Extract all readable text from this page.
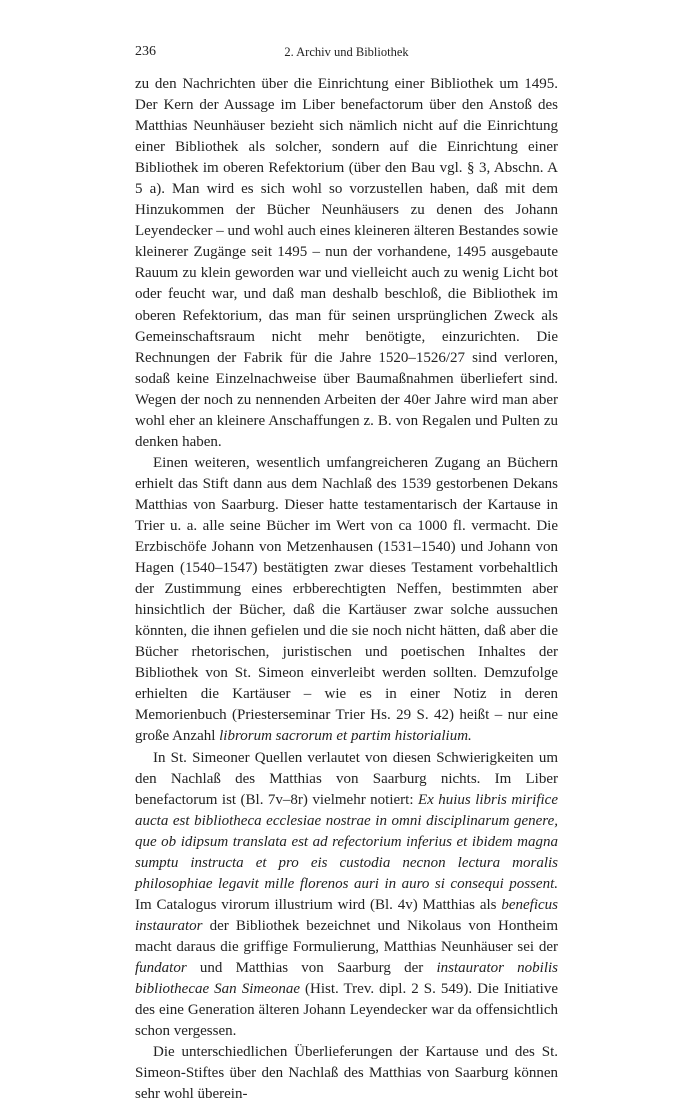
236	2. Archiv und Bibliothek

zu den Nachrichten über die Einrichtung einer Bibliothek um 1495. Der Kern der Aussage im Liber benefactorum über den Anstoß des Matthias Neunhäuser bezieht sich nämlich nicht auf die Einrichtung einer Bibliothek als solcher, sondern auf die Einrichtung einer Bibliothek im oberen Refektorium (über den Bau vgl. § 3, Abschn. A 5 a). Man wird es sich wohl so vorzustellen haben, daß mit dem Hinzukommen der Bücher Neunhäusers zu denen des Johann Leyendecker – und wohl auch eines kleineren älteren Bestandes sowie kleinerer Zugänge seit 1495 – nun der vorhandene, 1495 ausgebaute Rauum zu klein geworden war und vielleicht auch zu wenig Licht bot oder feucht war, und daß man deshalb beschloß, die Bibliothek im oberen Refektorium, das man für seinen ursprünglichen Zweck als Gemeinschaftsraum nicht mehr benötigte, einzurichten. Die Rechnungen der Fabrik für die Jahre 1520–1526/27 sind verloren, sodaß keine Einzelnachweise über Baumaßnahmen überliefert sind. Wegen der noch zu nennenden Arbeiten der 40er Jahre wird man aber wohl eher an kleinere Anschaffungen z. B. von Regalen und Pulten zu denken haben.

Einen weiteren, wesentlich umfangreicheren Zugang an Büchern erhielt das Stift dann aus dem Nachlaß des 1539 gestorbenen Dekans Matthias von Saarburg. Dieser hatte testamentarisch der Kartause in Trier u. a. alle seine Bücher im Wert von ca 1000 fl. vermacht. Die Erzbischöfe Johann von Metzenhausen (1531–1540) und Johann von Hagen (1540–1547) bestätigten zwar dieses Testament vorbehaltlich der Zustimmung eines erbberechtigten Neffen, bestimmten aber hinsichtlich der Bücher, daß die Kartäuser zwar solche aussuchen könnten, die ihnen gefielen und die sie noch nicht hätten, daß aber die Bücher rhetorischen, juristischen und poetischen Inhaltes der Bibliothek von St. Simeon einverleibt werden sollten. Demzufolge erhielten die Kartäuser – wie es in einer Notiz in deren Memorienbuch (Priesterseminar Trier Hs. 29 S. 42) heißt – nur eine große Anzahl librorum sacrorum et partim historialium.

In St. Simeoner Quellen verlautet von diesen Schwierigkeiten um den Nachlaß des Matthias von Saarburg nichts. Im Liber benefactorum ist (Bl. 7v–8r) vielmehr notiert: Ex huius libris mirifice aucta est bibliotheca ecclesiae nostrae in omni disciplinarum genere, que ob idipsum translata est ad refectorium inferius et ibidem magna sumptu instructa et pro eis custodia necnon lectura moralis philosophiae legavit mille florenos auri in auro si consequi possent. Im Catalogus virorum illustrium wird (Bl. 4v) Matthias als beneficus instaurator der Bibliothek bezeichnet und Nikolaus von Hontheim macht daraus die griffige Formulierung, Matthias Neunhäuser sei der fundator und Matthias von Saarburg der instaurator nobilis bibliothecae San Simeonae (Hist. Trev. dipl. 2 S. 549). Die Initiative des eine Generation älteren Johann Leyendecker war da offensichtlich schon vergessen.

Die unterschiedlichen Überlieferungen der Kartause und des St. Simeon-Stiftes über den Nachlaß des Matthias von Saarburg können sehr wohl überein-
